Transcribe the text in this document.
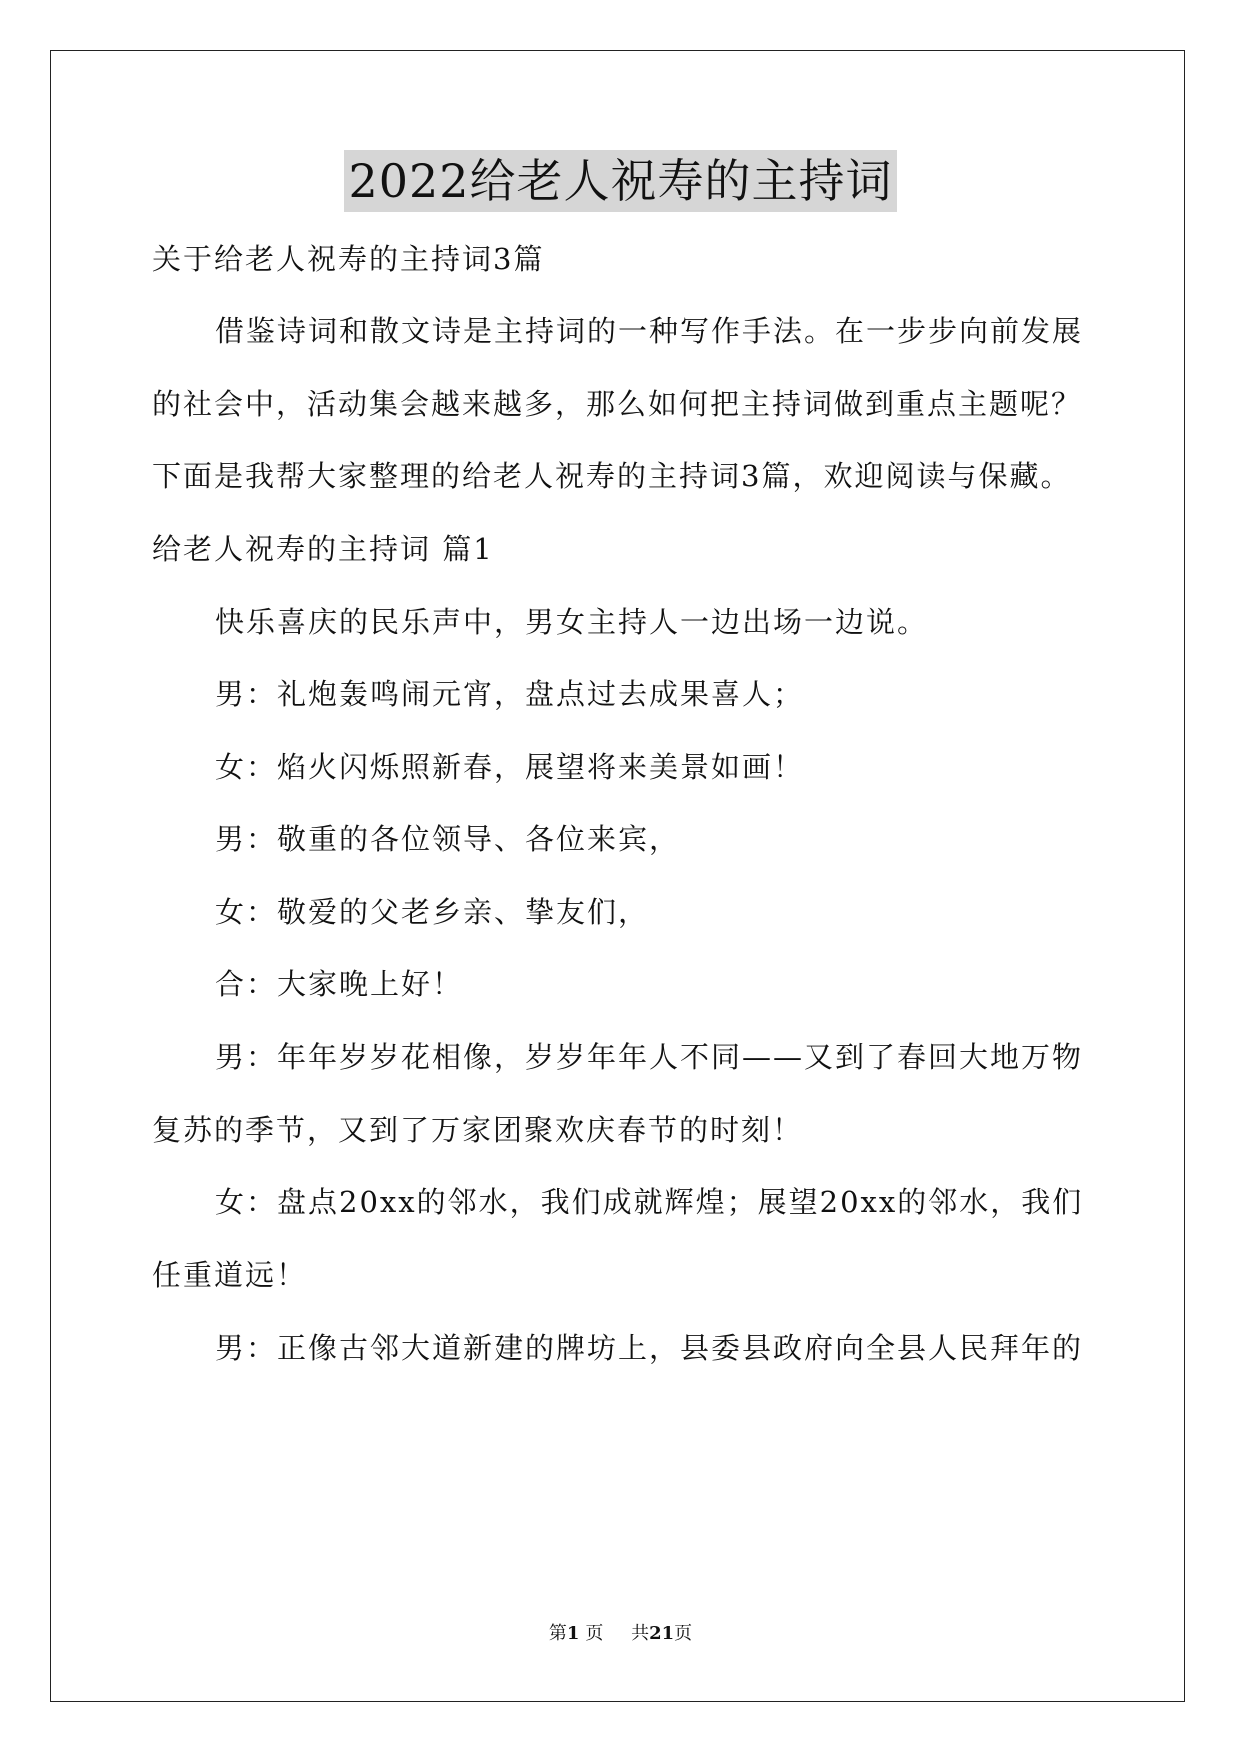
2022给老人祝寿的主持词
关于给老人祝寿的主持词3篇
借鉴诗词和散文诗是主持词的一种写作手法。在一步步向前发展
的社会中，活动集会越来越多，那么如何把主持词做到重点主题呢？
下面是我帮大家整理的给老人祝寿的主持词3篇，欢迎阅读与保藏。
给老人祝寿的主持词 篇1
快乐喜庆的民乐声中，男女主持人一边出场一边说。
男：礼炮轰鸣闹元宵，盘点过去成果喜人；
女：焰火闪烁照新春，展望将来美景如画！
男：敬重的各位领导、各位来宾，
女：敬爱的父老乡亲、挚友们，
合：大家晚上好！
男：年年岁岁花相像，岁岁年年人不同——又到了春回大地万物
复苏的季节，又到了万家团聚欢庆春节的时刻！
女：盘点20xx的邻水，我们成就辉煌；展望20xx的邻水，我们
任重道远！
男：正像古邻大道新建的牌坊上，县委县政府向全县人民拜年的
第1 页 共21页
